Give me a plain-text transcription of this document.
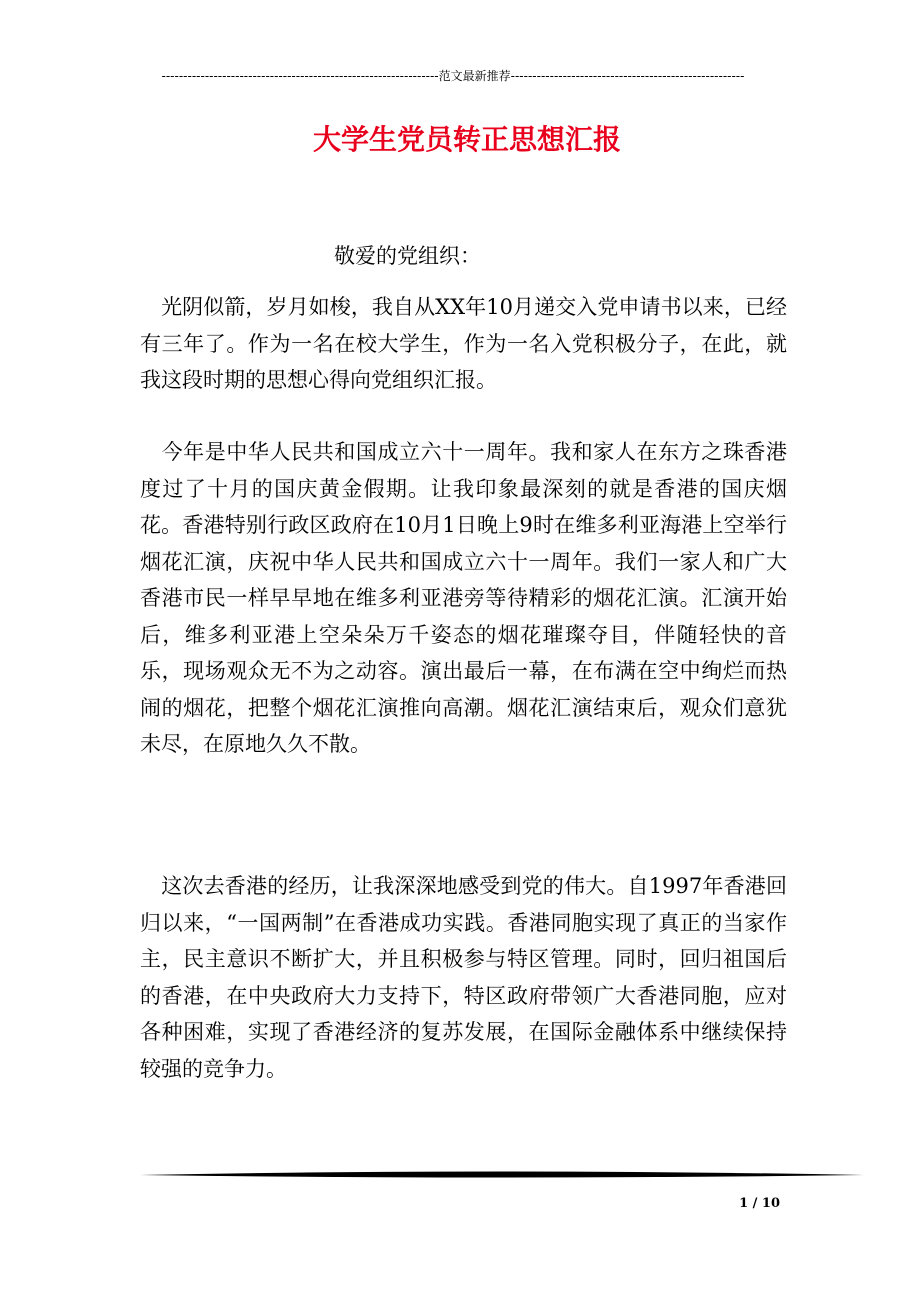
----------------------------------------------------------------范文最新推荐------------------------------------------------------
大学生党员转正思想汇报
敬爱的党组织：
光阴似箭，岁月如梭，我自从XX年10月递交入党申请书以来，已经有三年了。作为一名在校大学生，作为一名入党积极分子，在此，就我这段时期的思想心得向党组织汇报。
今年是中华人民共和国成立六十一周年。我和家人在东方之珠香港度过了十月的国庆黄金假期。让我印象最深刻的就是香港的国庆烟花。香港特别行政区政府在10月1日晚上9时在维多利亚海港上空举行烟花汇演，庆祝中华人民共和国成立六十一周年。我们一家人和广大香港市民一样早早地在维多利亚港旁等待精彩的烟花汇演。汇演开始后，维多利亚港上空朵朵万千姿态的烟花璀璨夺目，伴随轻快的音乐，现场观众无不为之动容。演出最后一幕，在布满在空中绚烂而热闹的烟花，把整个烟花汇演推向高潮。烟花汇演结束后，观众们意犹未尽，在原地久久不散。
这次去香港的经历，让我深深地感受到党的伟大。自1997年香港回归以来，“一国两制”在香港成功实践。香港同胞实现了真正的当家作主，民主意识不断扩大，并且积极参与特区管理。同时，回归祖国后的香港，在中央政府大力支持下，特区政府带领广大香港同胞，应对各种困难，实现了香港经济的复苏发展，在国际金融体系中继续保持较强的竞争力。
1 / 10
